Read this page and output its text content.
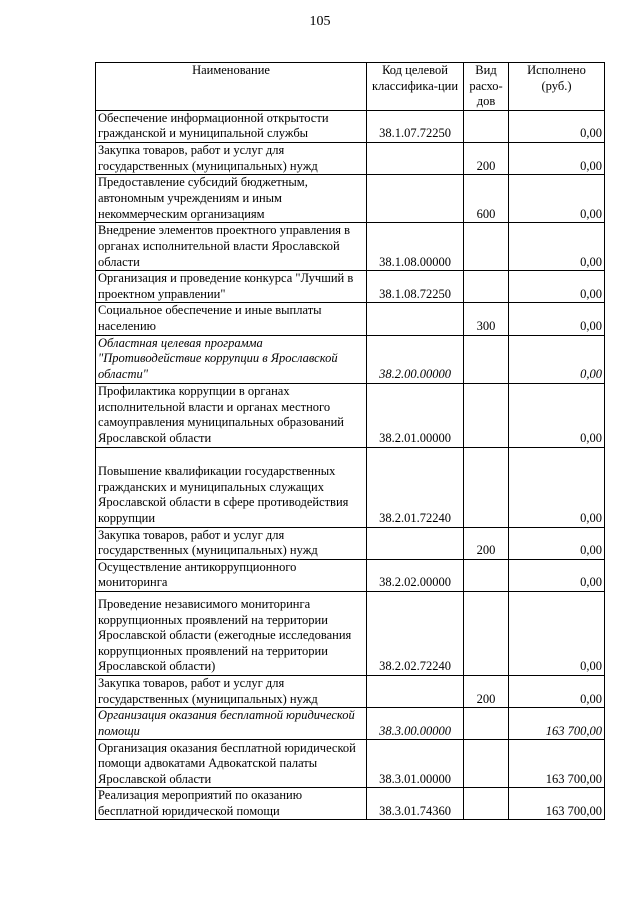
105
Наименование	Код целевой классифика-ции	Вид расхо-дов	Исполнено (руб.)
Обеспечение информационной открытости гражданской и муниципальной службы	38.1.07.72250		0,00
Закупка товаров, работ и услуг для государственных (муниципальных) нужд		200	0,00
Предоставление субсидий бюджетным, автономным учреждениям и иным некоммерческим организациям		600	0,00
Внедрение элементов проектного управления в органах исполнительной власти Ярославской области	38.1.08.00000		0,00
Организация и проведение конкурса "Лучший в проектном управлении"	38.1.08.72250		0,00
Социальное обеспечение и иные выплаты населению		300	0,00
Областная целевая программа "Противодействие коррупции в Ярославской области"	38.2.00.00000		0,00
Профилактика коррупции в органах исполнительной власти и органах местного самоуправления муниципальных образований Ярославской области	38.2.01.00000		0,00
Повышение квалификации государственных гражданских и муниципальных служащих Ярославской области в сфере противодействия коррупции	38.2.01.72240		0,00
Закупка товаров, работ и услуг для государственных (муниципальных) нужд		200	0,00
Осуществление антикоррупционного мониторинга	38.2.02.00000		0,00
Проведение независимого мониторинга коррупционных проявлений на территории Ярославской области (ежегодные исследования коррупционных проявлений на территории Ярославской области)	38.2.02.72240		0,00
Закупка товаров, работ и услуг для государственных (муниципальных) нужд		200	0,00
Организация оказания бесплатной юридической помощи	38.3.00.00000		163 700,00
Организация оказания бесплатной юридической помощи адвокатами Адвокатской палаты Ярославской области	38.3.01.00000		163 700,00
Реализация мероприятий по оказанию бесплатной юридической помощи	38.3.01.74360		163 700,00
